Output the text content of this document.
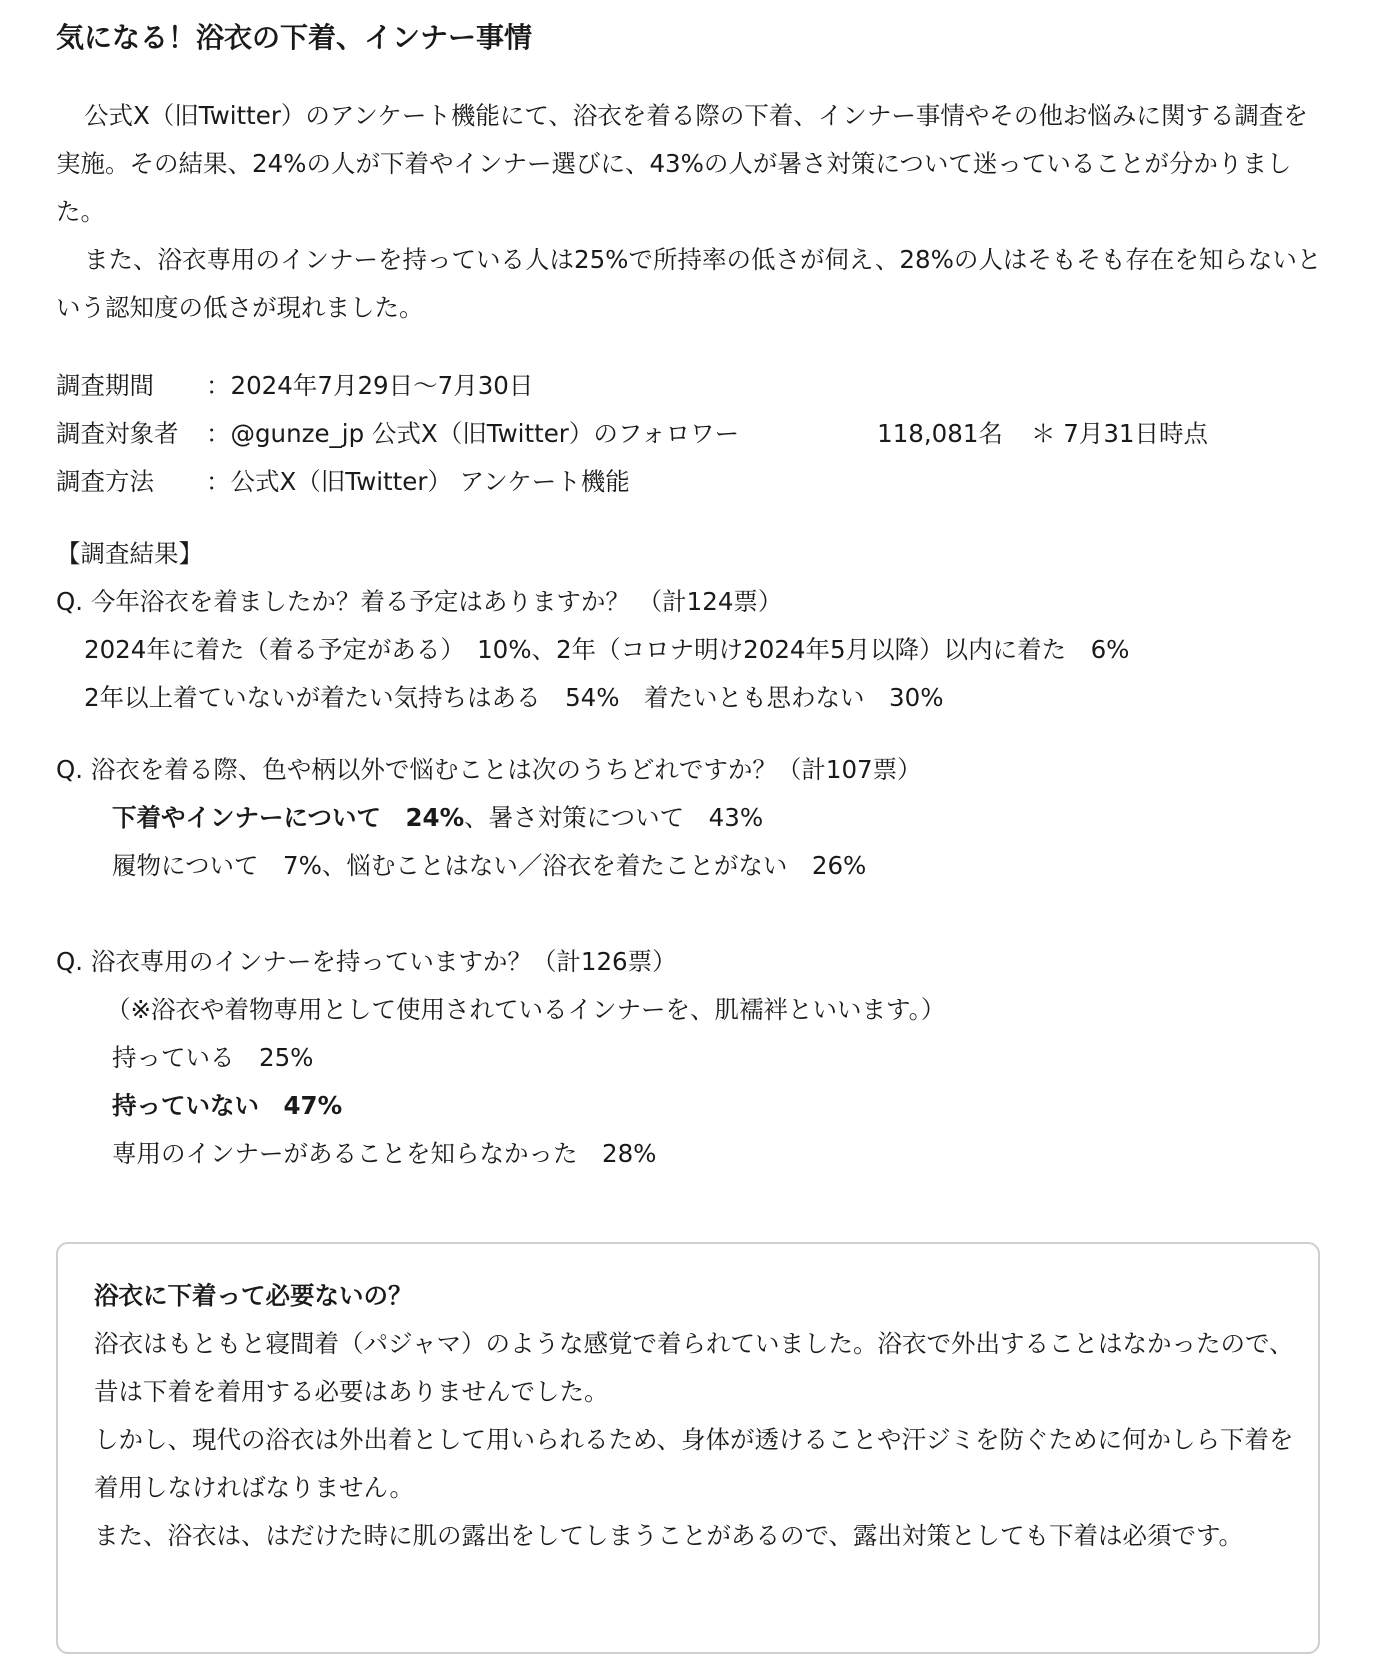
気になる！浴衣の下着、インナー事情

公式X（旧Twitter）のアンケート機能にて、浴衣を着る際の下着、インナー事情やその他お悩みに関する調査を実施。その結果、24%の人が下着やインナー選びに、43%の人が暑さ対策について迷っていることが分かりました。

また、浴衣専用のインナーを持っている人は25%で所持率の低さが伺え、28%の人はそもそも存在を知らないという認知度の低さが現れました。

調査期間	：2024年7月29日〜7月30日
調査対象者	：@gunze_jp 公式X（旧Twitter）のフォロワー	118,081名 ＊ 7月31日時点
調査方法	：公式X（旧Twitter） アンケート機能
【調査結果】
Q. 今年浴衣を着ましたか？着る予定はありますか？ （計124票）
2024年に着た（着る予定がある）　10%、2年（コロナ明け2024年5月以降）以内に着た　6%
2年以上着ていないが着たい気持ちはある　54%　着たいとも思わない　30%
Q. 浴衣を着る際、色や柄以外で悩むことは次のうちどれですか？（計107票）
下着やインナーについて　24%、暑さ対策について　43%
履物について　7%、悩むことはない／浴衣を着たことがない　26%
Q. 浴衣専用のインナーを持っていますか？（計126票）
（※浴衣や着物専用として使用されているインナーを、肌襦袢といいます。）
持っている　25%
持っていない　47%
専用のインナーがあることを知らなかった　28%
浴衣に下着って必要ないの？

浴衣はもともと寝間着（パジャマ）のような感覚で着られていました。浴衣で外出することはなかったので、昔は下着を着用する必要はありませんでした。

しかし、現代の浴衣は外出着として用いられるため、身体が透けることや汗ジミを防ぐために何かしら下着を着用しなければなりません。

また、浴衣は、はだけた時に肌の露出をしてしまうことがあるので、露出対策としても下着は必須です。
